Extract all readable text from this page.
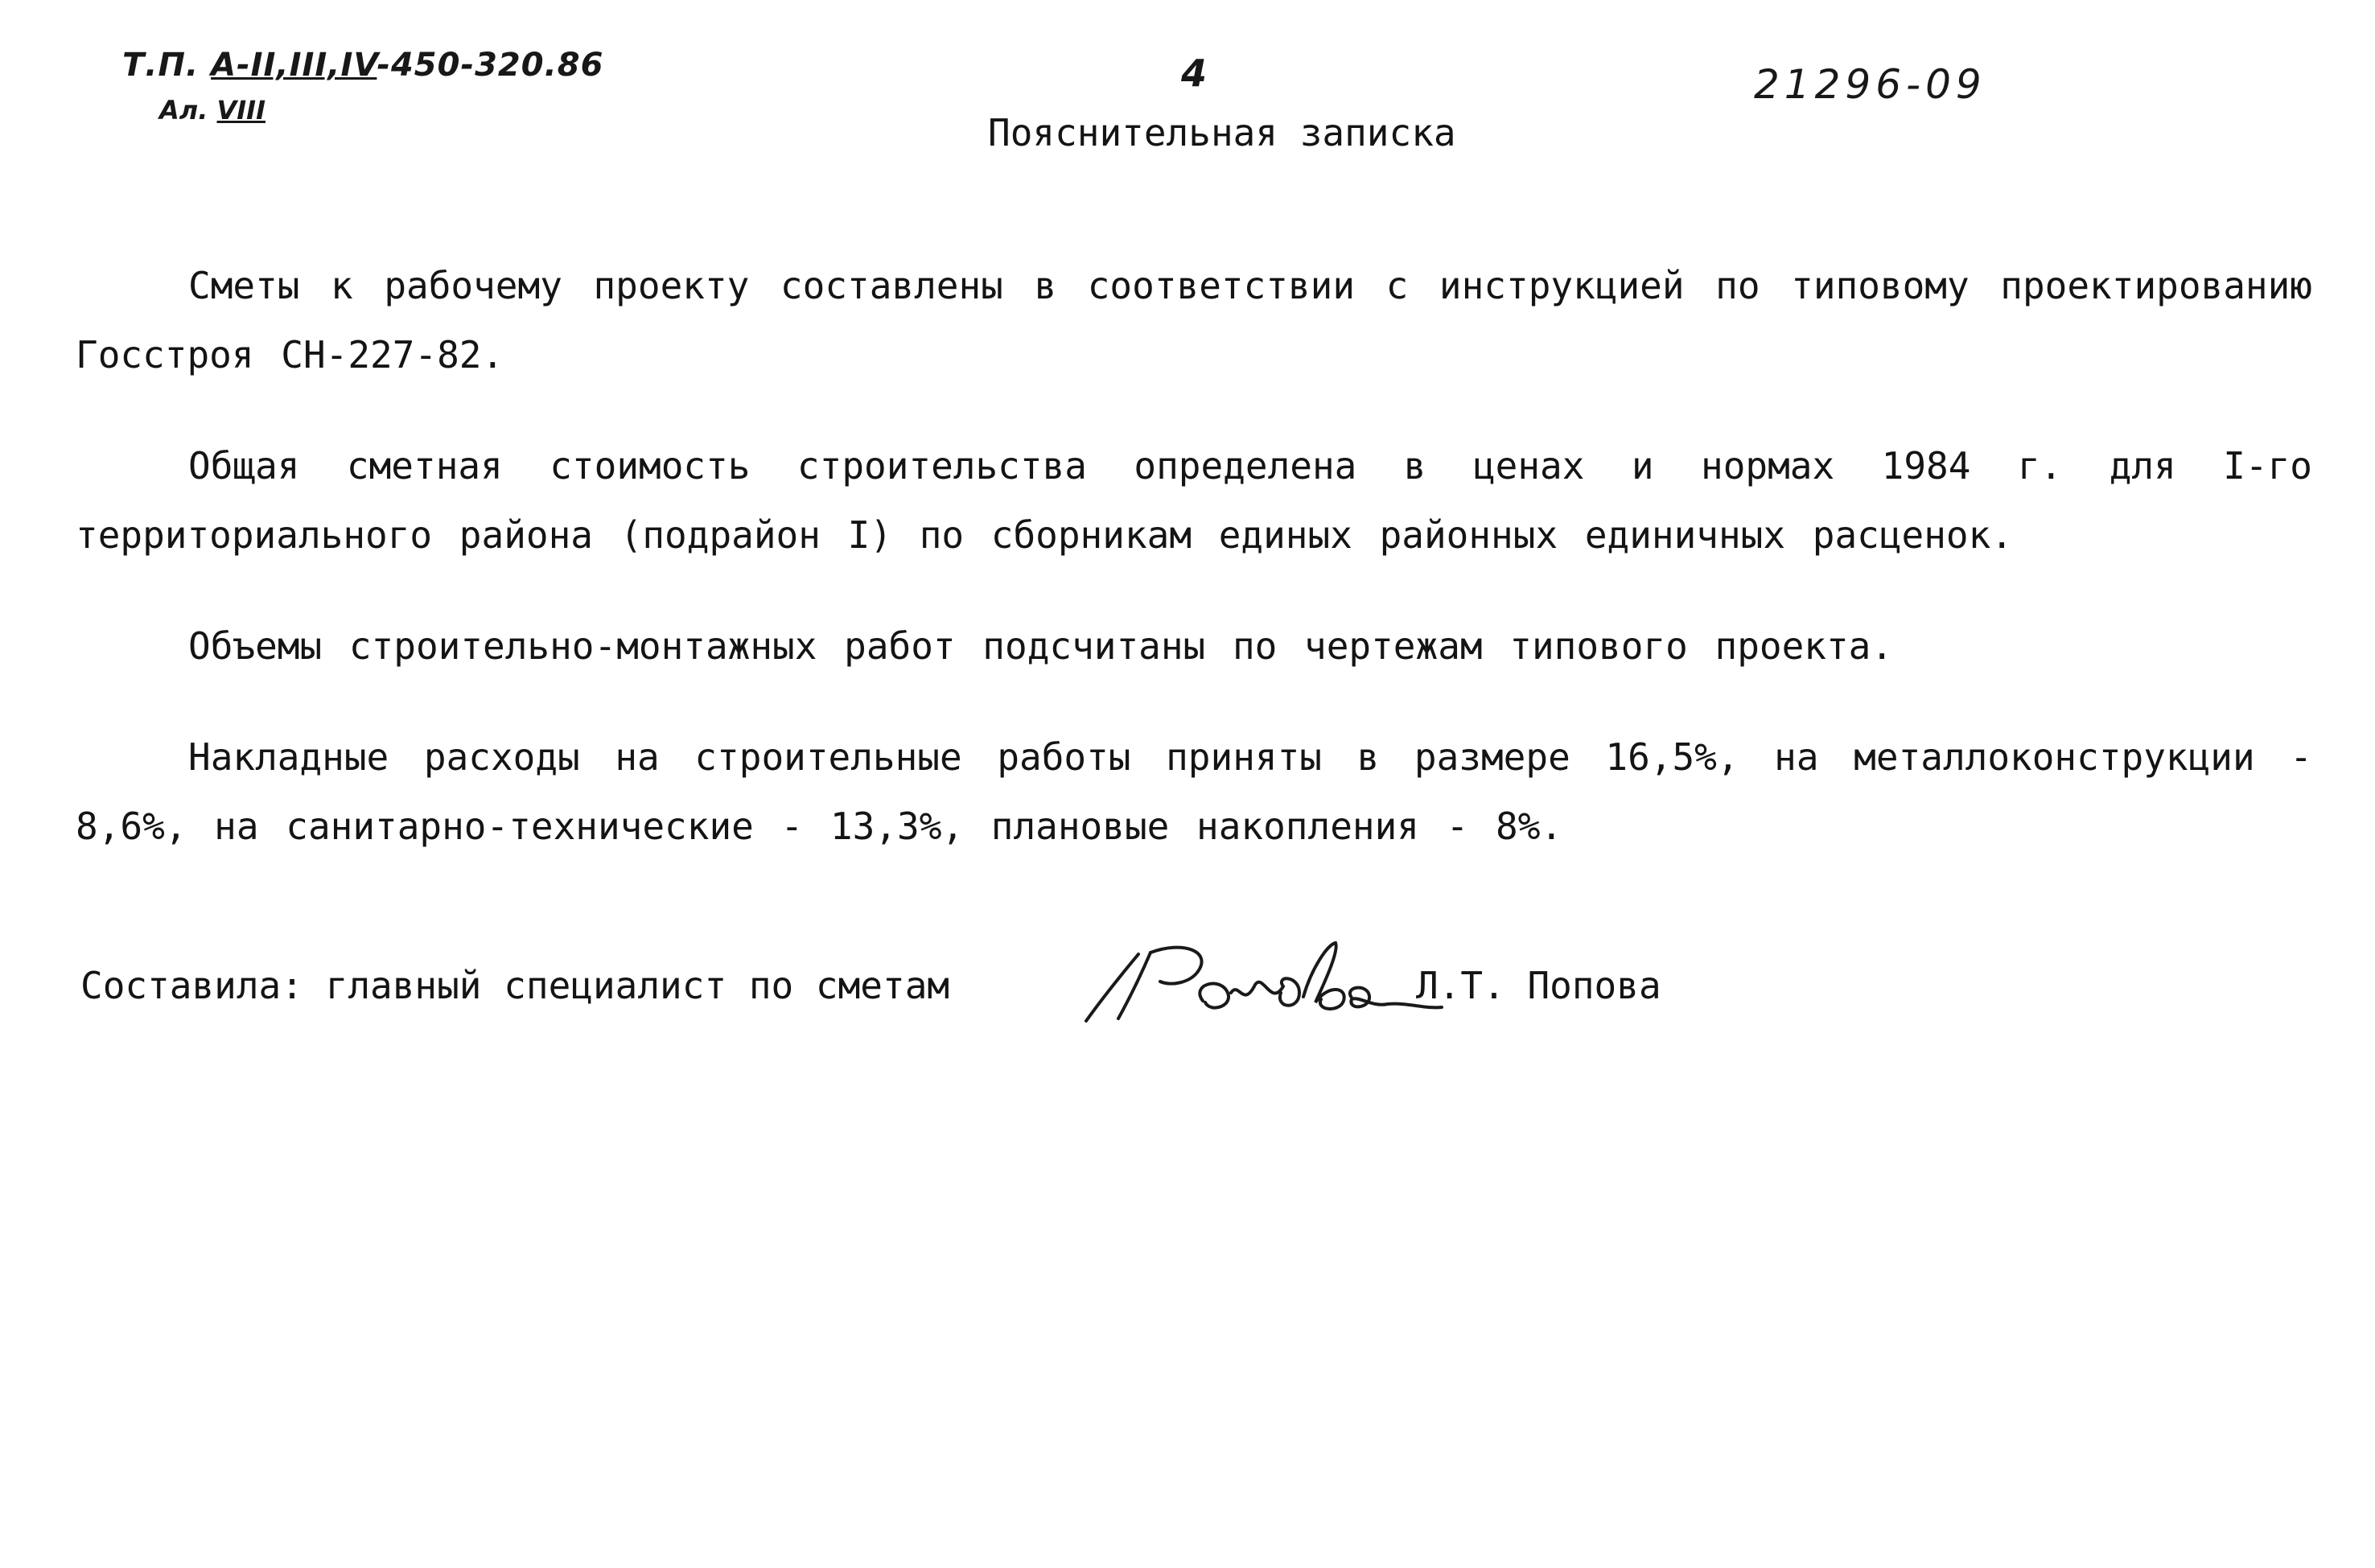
Т.П. А-II,III,IV-450-320.86
Ал. VIII
4	21296-09
Пояснительная записка

Сметы к рабочему проекту составлены в соответствии с инструкцией по типовому проектированию Госстроя СН-227-82.

Общая сметная стоимость строительства определена в ценах и нормах 1984 г. для I-го территориального района (подрайон I) по сборникам единых районных единичных расценок.

Объемы строительно-монтажных работ подсчитаны по чертежам типового проекта.

Накладные расходы на строительные работы приняты в размере 16,5%, на металлоконструкции - 8,6%, на санитарно-технические - 13,3%, плановые накопления - 8%.

Составила: главный специалист по сметам	Л.Т. Попова
